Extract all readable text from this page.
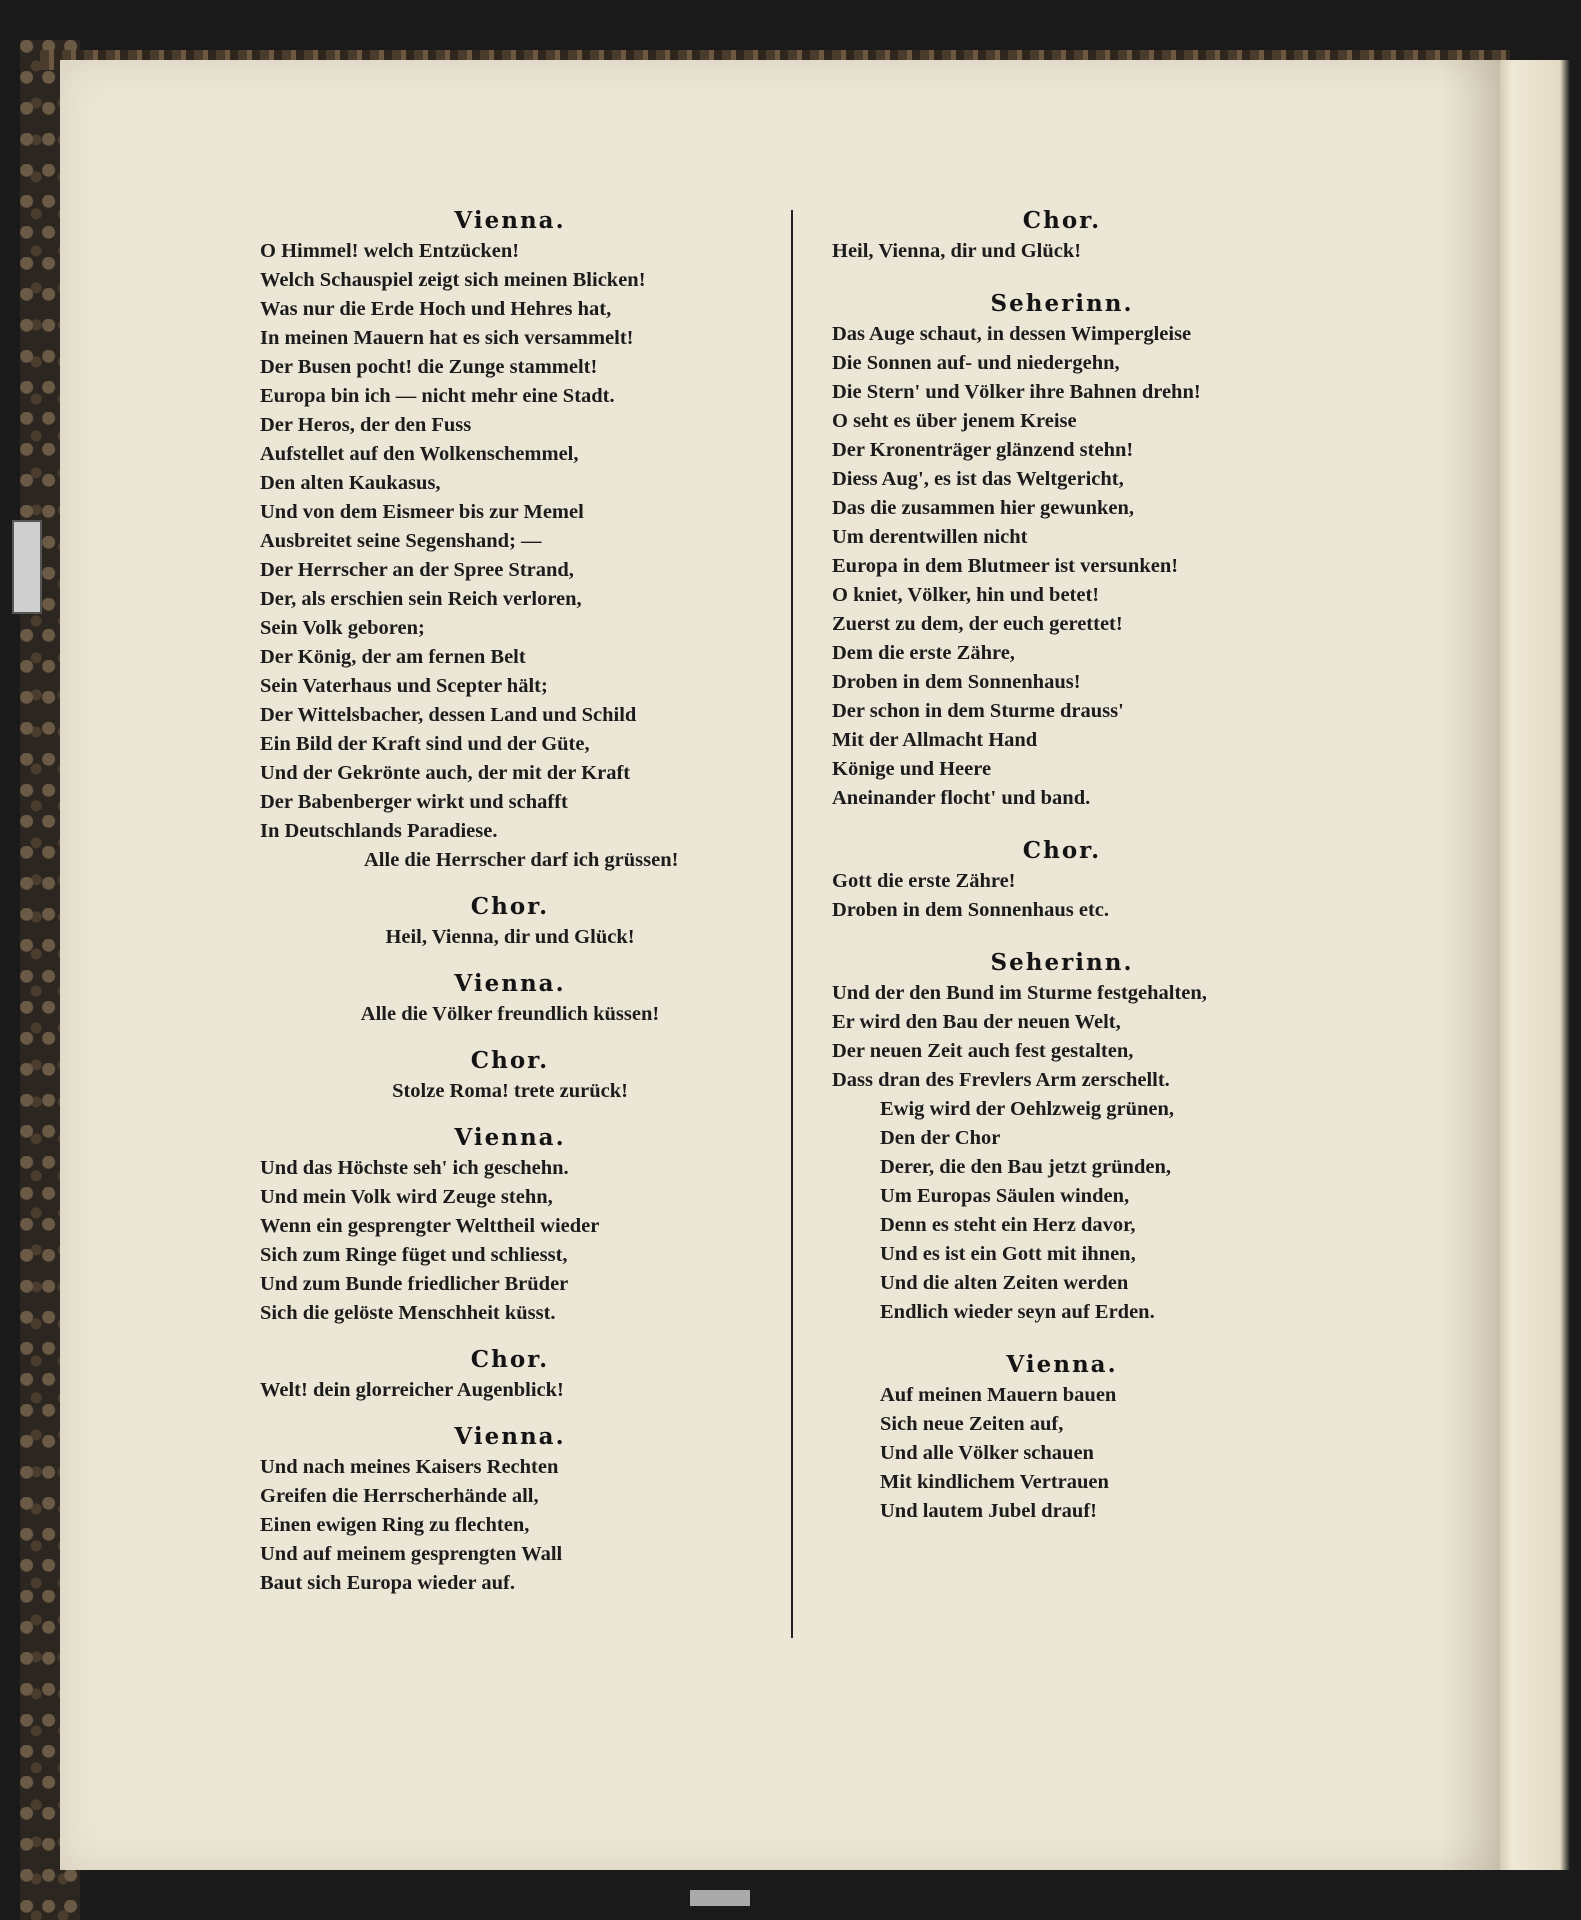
Vienna.
O Himmel! welch Entzücken!
Welch Schauspiel zeigt sich meinen Blicken!
Was nur die Erde Hoch und Hehres hat,
In meinen Mauern hat es sich versammelt!
Der Busen pocht! die Zunge stammelt!
Europa bin ich — nicht mehr eine Stadt.
Der Heros, der den Fuss
Aufstellet auf den Wolkenschemmel,
Den alten Kaukasus,
Und von dem Eismeer bis zur Memel
Ausbreitet seine Segenshand; —
Der Herrscher an der Spree Strand,
Der, als erschien sein Reich verloren,
Sein Volk geboren;
Der König, der am fernen Belt
Sein Vaterhaus und Scepter hält;
Der Wittelsbacher, dessen Land und Schild
Ein Bild der Kraft sind und der Güte,
Und der Gekrönte auch, der mit der Kraft
Der Babenberger wirkt und schafft
In Deutschlands Paradiese.
Alle die Herrscher darf ich grüssen!
Chor.
Heil, Vienna, dir und Glück!
Vienna.
Alle die Völker freundlich küssen!
Chor.
Stolze Roma! trete zurück!
Vienna.
Und das Höchste seh' ich geschehn.
Und mein Volk wird Zeuge stehn,
Wenn ein gesprengter Welttheil wieder
Sich zum Ringe füget und schliesst,
Und zum Bunde friedlicher Brüder
Sich die gelöste Menschheit küsst.
Chor.
Welt! dein glorreicher Augenblick!
Vienna.
Und nach meines Kaisers Rechten
Greifen die Herrscherhände all,
Einen ewigen Ring zu flechten,
Und auf meinem gesprengten Wall
Baut sich Europa wieder auf.
Chor.
Heil, Vienna, dir und Glück!
Seherinn.
Das Auge schaut, in dessen Wimpergleise
Die Sonnen auf- und niedergehn,
Die Stern' und Völker ihre Bahnen drehn!
O seht es über jenem Kreise
Der Kronenträger glänzend stehn!
Diess Aug', es ist das Weltgericht,
Das die zusammen hier gewunken,
Um derentwillen nicht
Europa in dem Blutmeer ist versunken!
O kniet, Völker, hin und betet!
Zuerst zu dem, der euch gerettet!
Dem die erste Zähre,
Droben in dem Sonnenhaus!
Der schon in dem Sturme drauss'
Mit der Allmacht Hand
Könige und Heere
Aneinander flocht' und band.
Chor.
Gott die erste Zähre!
Droben in dem Sonnenhaus etc.
Seherinn.
Und der den Bund im Sturme festgehalten,
Er wird den Bau der neuen Welt,
Der neuen Zeit auch fest gestalten,
Dass dran des Frevlers Arm zerschellt.
Ewig wird der Oehlzweig grünen,
Den der Chor
Derer, die den Bau jetzt gründen,
Um Europas Säulen winden,
Denn es steht ein Herz davor,
Und es ist ein Gott mit ihnen,
Und die alten Zeiten werden
Endlich wieder seyn auf Erden.
Vienna.
Auf meinen Mauern bauen
Sich neue Zeiten auf,
Und alle Völker schauen
Mit kindlichem Vertrauen
Und lautem Jubel drauf!
